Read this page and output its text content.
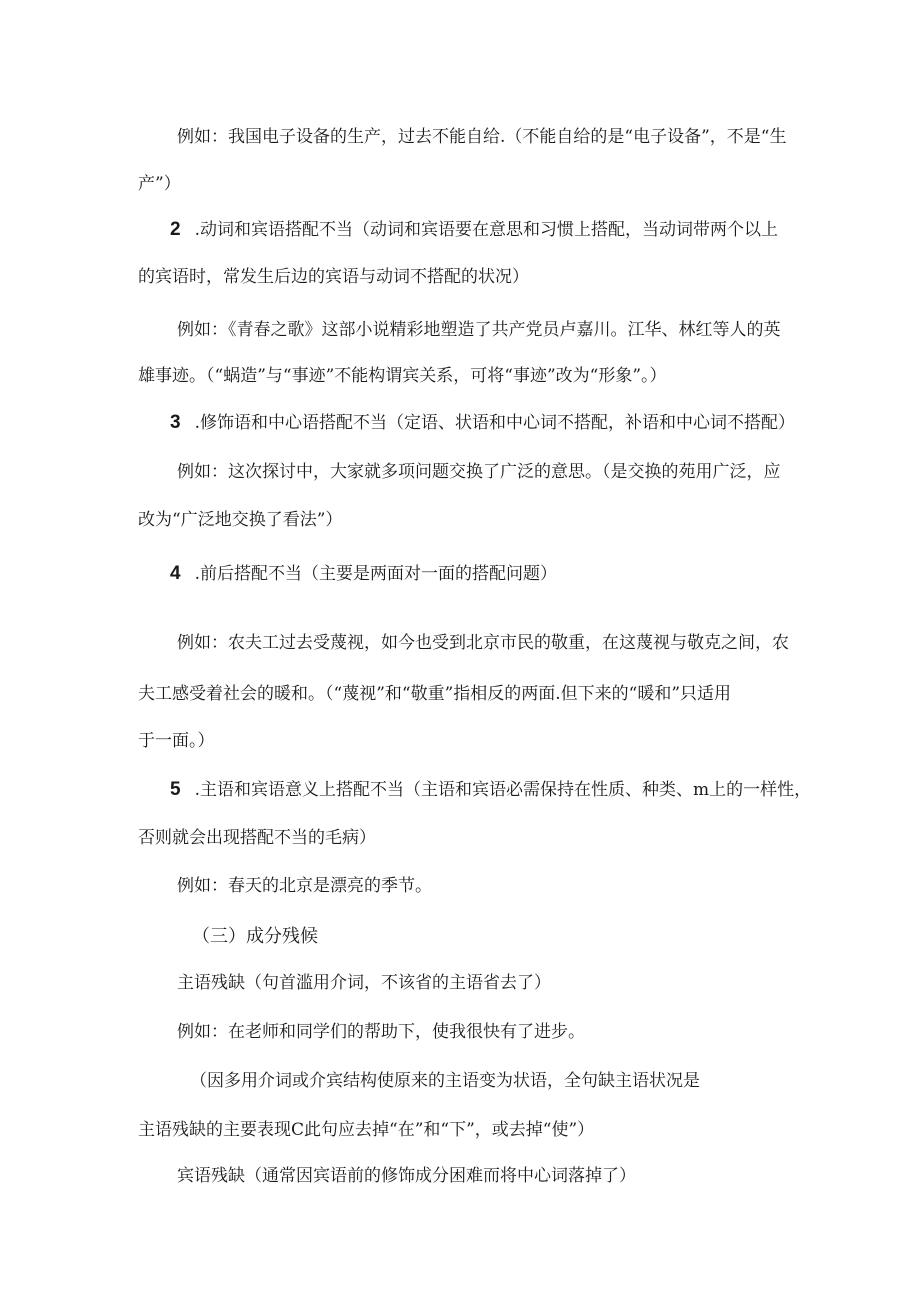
例如：我国电子设备的生产，过去不能自给.（不能自给的是“电子设备”，不是“生
产”）
2 .动词和宾语搭配不当（动词和宾语要在意思和习惯上搭配，当动词带两个以上
的宾语时，常发生后边的宾语与动词不搭配的状况）
例如：《青春之歌》这部小说精彩地塑造了共产党员卢嘉川。江华、林红等人的英
雄事迹。（“蜗造”与“事迹”不能构谓宾关系，可将“事迹”改为“形象”。）
3 .修饰语和中心语搭配不当（定语、状语和中心词不搭配，补语和中心词不搭配）
例如：这次探讨中，大家就多项问题交换了广泛的意思。（是交换的苑用广泛，应
改为“广泛地交换了看法”）
4 .前后搭配不当（主要是两面对一面的搭配问题）
例如：农夫工过去受蔑视，如今也受到北京市民的敬重，在这蔑视与敬克之间，农
夫工感受着社会的暖和。（“蔑视”和“敬重”指相反的两面.但下来的“暖和”只适用
于一面。）
5 .主语和宾语意义上搭配不当（主语和宾语必需保持在性质、种类、m上的一样性，
否则就会出现搭配不当的毛病）
例如：春天的北京是漂亮的季节。
（三）成分残候
主语残缺（句首滥用介词，不该省的主语省去了）
例如：在老师和同学们的帮助下，使我很快有了进步。
（因多用介词或介宾结构使原来的主语变为状语，全句缺主语状况是
主语残缺的主要表现C此句应去掉“在”和“下”，或去掉“使”）
宾语残缺（通常因宾语前的修饰成分困难而将中心词落掉了）
